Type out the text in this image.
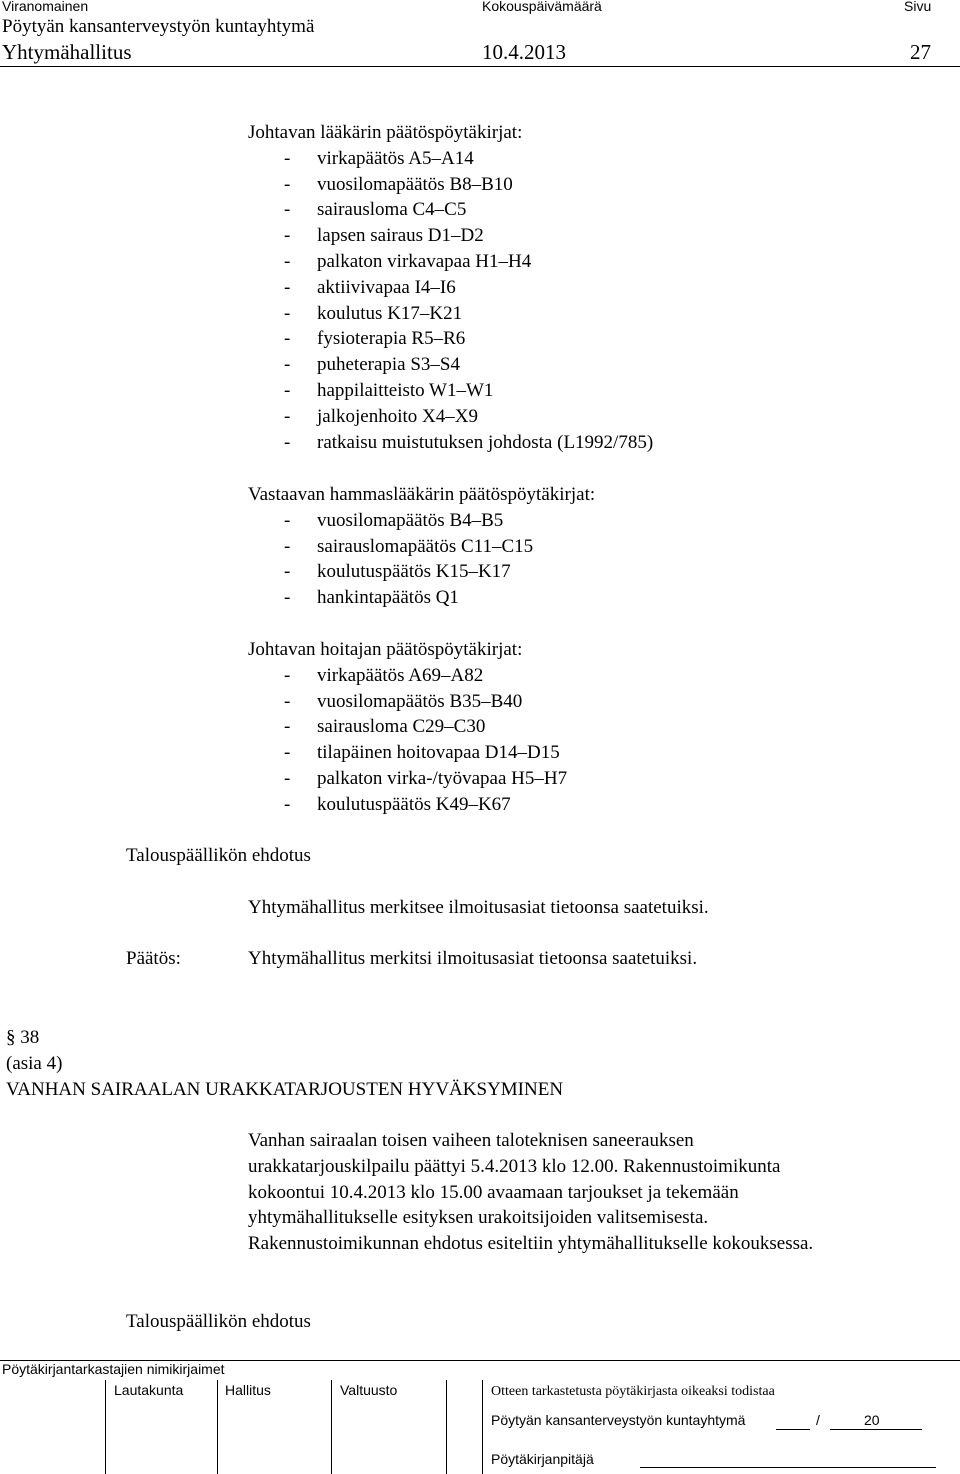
Viranomainen	Kokouspäivämäärä	Sivu
Pöytyän kansanterveystyön kuntayhtymä
Yhtymähallitus	10.4.2013	27
Johtavan lääkärin päätöspöytäkirjat:
- virkapäätös A5–A14
- vuosilomapäätös B8–B10
- sairausloma C4–C5
- lapsen sairaus D1–D2
- palkaton virkavapaa H1–H4
- aktiivivapaa I4–I6
- koulutus K17–K21
- fysioterapia R5–R6
- puheterapia S3–S4
- happilaitteisto W1–W1
- jalkojenhoito X4–X9
- ratkaisu muistutuksen johdosta (L1992/785)
Vastaavan hammaslääkärin päätöspöytäkirjat:
- vuosilomapäätös B4–B5
- sairauslomapäätös C11–C15
- koulutuspäätös K15–K17
- hankintapäätös Q1
Johtavan hoitajan päätöspöytäkirjat:
- virkapäätös A69–A82
- vuosilomapäätös B35–B40
- sairausloma C29–C30
- tilapäinen hoitovapaa D14–D15
- palkaton virka-/työvapaa H5–H7
- koulutuspäätös K49–K67
Talouspäällikön ehdotus
Yhtymähallitus merkitsee ilmoitusasiat tietoonsa saatetuiksi.
Päätös:	Yhtymähallitus merkitsi ilmoitusasiat tietoonsa saatetuiksi.
§ 38
(asia 4)
VANHAN SAIRAALAN URAKKATARJOUSTEN HYVÄKSYMINEN
Vanhan sairaalan toisen vaiheen taloteknisen saneerauksen
urakkatarjouskilpailu päättyi 5.4.2013 klo 12.00. Rakennustoimikunta
kokoontui 10.4.2013 klo 15.00 avaamaan tarjoukset ja tekemään
yhtymähallitukselle esityksen urakoitsijoiden valitsemisesta.
Rakennustoimikunnan ehdotus esiteltiin yhtymähallitukselle kokouksessa.
Talouspäällikön ehdotus
Pöytäkirjantarkastajien nimikirjaimet
Lautakunta	Hallitus	Valtuusto	Otteen tarkastetusta pöytäkirjasta oikeaksi todistaa
Pöytyän kansanterveystyön kuntayhtymä	/	20
Pöytäkirjanpitäjä
